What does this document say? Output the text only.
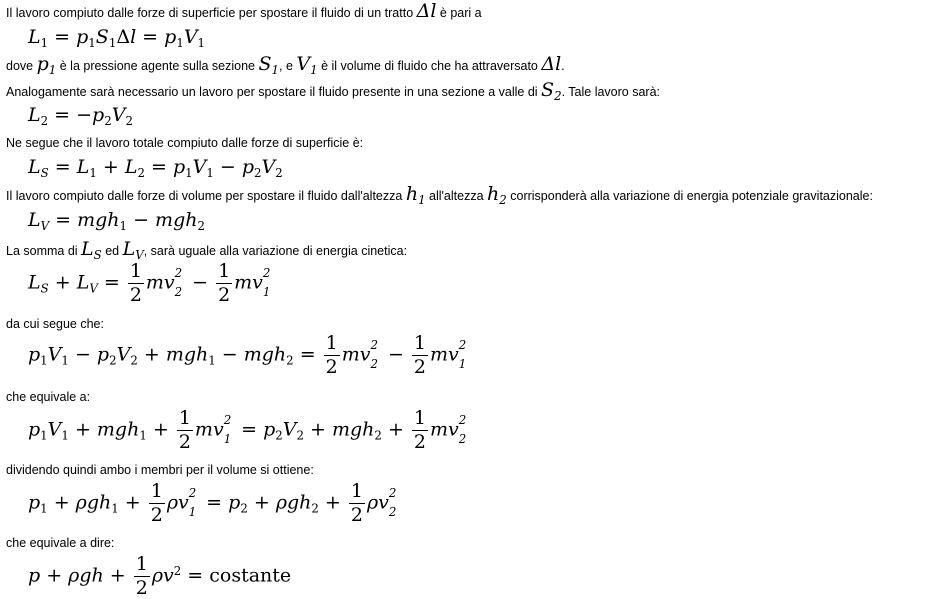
Il lavoro compiuto dalle forze di superficie per spostare il fluido di un tratto Δl è pari a
$L_1 = p_1S_1\Delta l = p_1V_1$
dove $p_1$ è la pressione agente sulla sezione $S_1$, e $V_1$ è il volume di fluido che ha attraversato Δl.
Analogamente sarà necessario un lavoro per spostare il fluido presente in una sezione a valle di $S_2$. Tale lavoro sarà:
$L_2 = -p_2V_2$
Ne segue che il lavoro totale compiuto dalle forze di superficie è:
$L_S = L_1 + L_2 = p_1V_1 - p_2V_2$
Il lavoro compiuto dalle forze di volume per spostare il fluido dall'altezza $h_1$ all'altezza $h_2$ corrisponderà alla variazione di energia potenziale gravitazionale:
$L_V = mgh_1 - mgh_2$
La somma di $L_S$ ed $L_V$, sarà uguale alla variazione di energia cinetica:
$L_S + L_V = \frac{1}{2}$ mv 2
$2 - \frac{1}{2}$ mv 2
1
da cui segue che:
$p_1V_1 - p_2V_2 + mgh_1 - mgh_2 = \frac{1}{2}$ mv 2
$2 - \frac{1}{2}$ mv 2
1
che equivale a:
$p_1V_1 + mgh_1 + \frac{1}{2}$ mv 2
$1 = p_2V_2 + mgh_2 + \frac{1}{2}$ mv 2
2
dividendo quindi ambo i membri per il volume si ottiene:
$p_1 + \rho gh_1 + \frac{1}{2}$ ρv 2
$1 = p_2 + \rho gh_2 + \frac{1}{2}$ ρv 2
2
che equivale a dire:
$p + \rho gh + \frac{1}{2} \rho v^2$ = costante
